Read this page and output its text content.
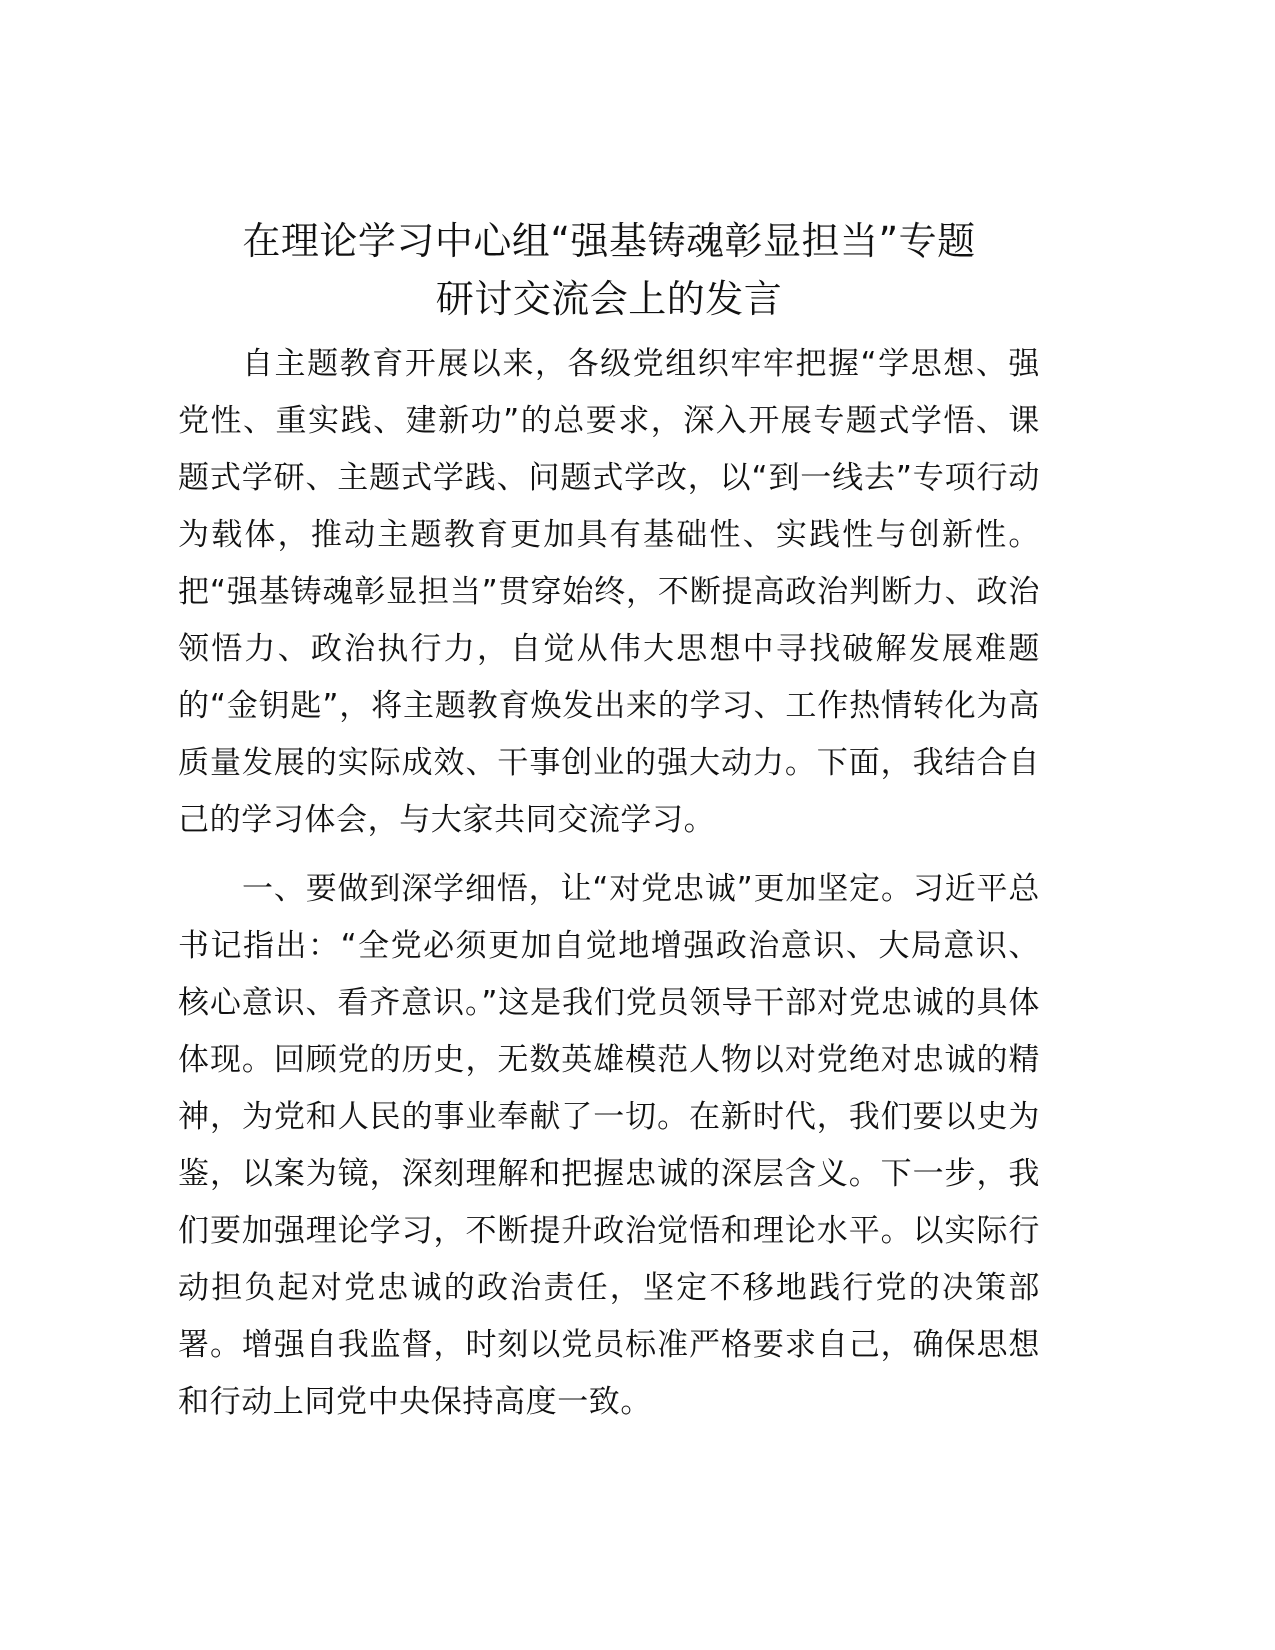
在理论学习中心组“强基铸魂彰显担当”专题
研讨交流会上的发言

自主题教育开展以来，各级党组织牢牢把握“学思想、强党性、重实践、建新功”的总要求，深入开展专题式学悟、课题式学研、主题式学践、问题式学改，以“到一线去”专项行动为载体，推动主题教育更加具有基础性、实践性与创新性。把“强基铸魂彰显担当”贯穿始终，不断提高政治判断力、政治领悟力、政治执行力，自觉从伟大思想中寻找破解发展难题的“金钥匙”，将主题教育焕发出来的学习、工作热情转化为高质量发展的实际成效、干事创业的强大动力。下面，我结合自己的学习体会，与大家共同交流学习。

一、要做到深学细悟，让“对党忠诚”更加坚定。习近平总书记指出：“全党必须更加自觉地增强政治意识、大局意识、核心意识、看齐意识。”这是我们党员领导干部对党忠诚的具体体现。回顾党的历史，无数英雄模范人物以对党绝对忠诚的精神，为党和人民的事业奉献了一切。在新时代，我们要以史为鉴，以案为镜，深刻理解和把握忠诚的深层含义。下一步，我们要加强理论学习，不断提升政治觉悟和理论水平。以实际行动担负起对党忠诚的政治责任，坚定不移地践行党的决策部署。增强自我监督，时刻以党员标准严格要求自己，确保思想和行动上同党中央保持高度一致。
